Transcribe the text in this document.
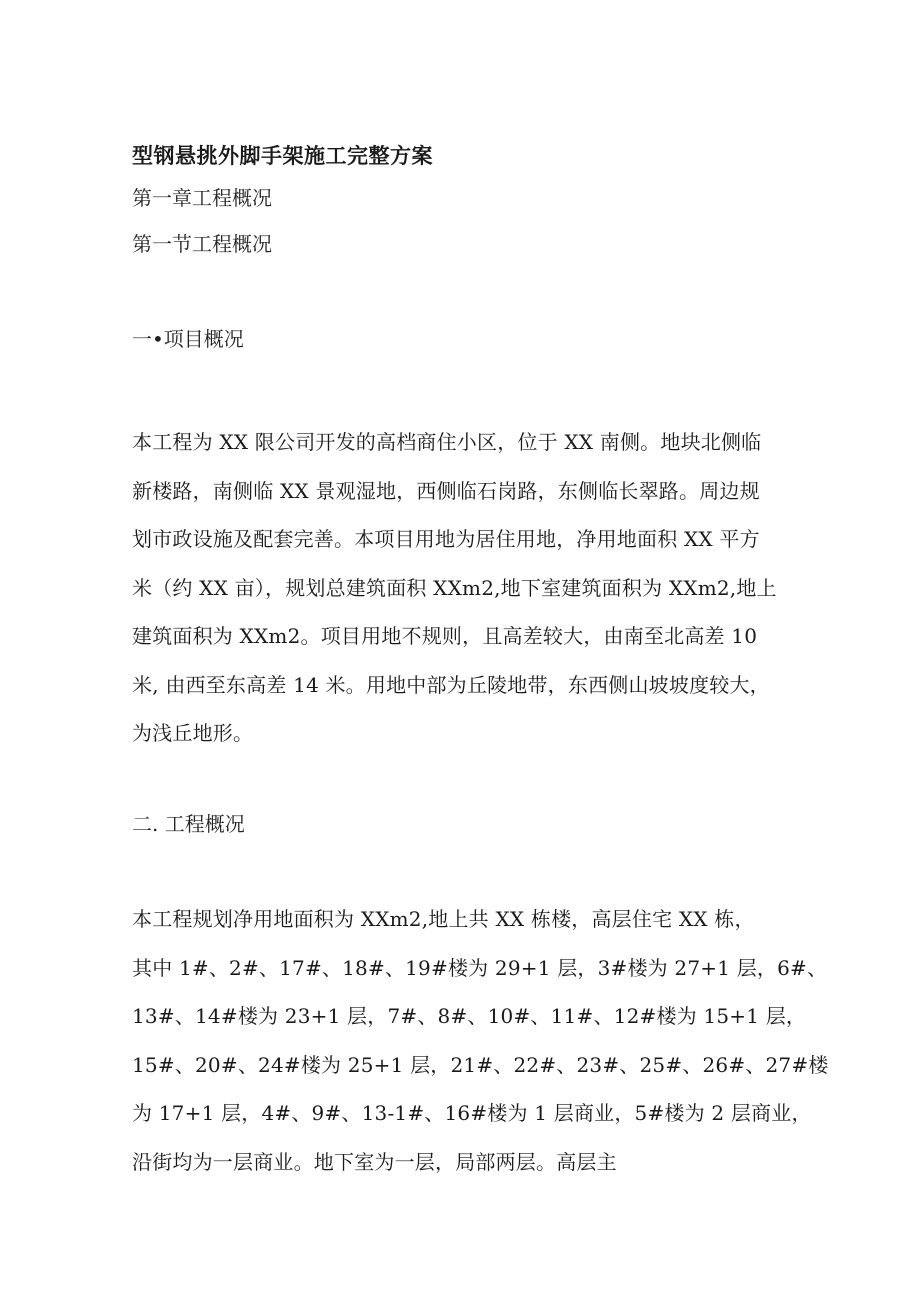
型钢悬挑外脚手架施工完整方案
第一章工程概况
第一节工程概况
一•项目概况
本工程为 XX 限公司开发的高档商住小区，位于 XX 南侧。地块北侧临
新楼路，南侧临 XX 景观湿地，西侧临石岗路，东侧临长翠路。周边规
划市政设施及配套完善。本项目用地为居住用地，净用地面积 XX 平方
米（约 XX 亩），规划总建筑面积 XXm2,地下室建筑面积为 XXm2,地上
建筑面积为 XXm2。项目用地不规则，且高差较大，由南至北高差 10
米, 由西至东高差 14 米。用地中部为丘陵地带，东西侧山坡坡度较大，
为浅丘地形。
二. 工程概况
本工程规划净用地面积为 XXm2,地上共 XX 栋楼，高层住宅 XX 栋，
其中 1#、2#、17#、18#、19#楼为 29+1 层，3#楼为 27+1 层，6#、
13#、14#楼为 23+1 层，7#、8#、10#、11#、12#楼为 15+1 层，
15#、20#、24#楼为 25+1 层，21#、22#、23#、25#、26#、27#楼
为 17+1 层，4#、9#、13-1#、16#楼为 1 层商业，5#楼为 2 层商业，
沿街均为一层商业。地下室为一层，局部两层。高层主
